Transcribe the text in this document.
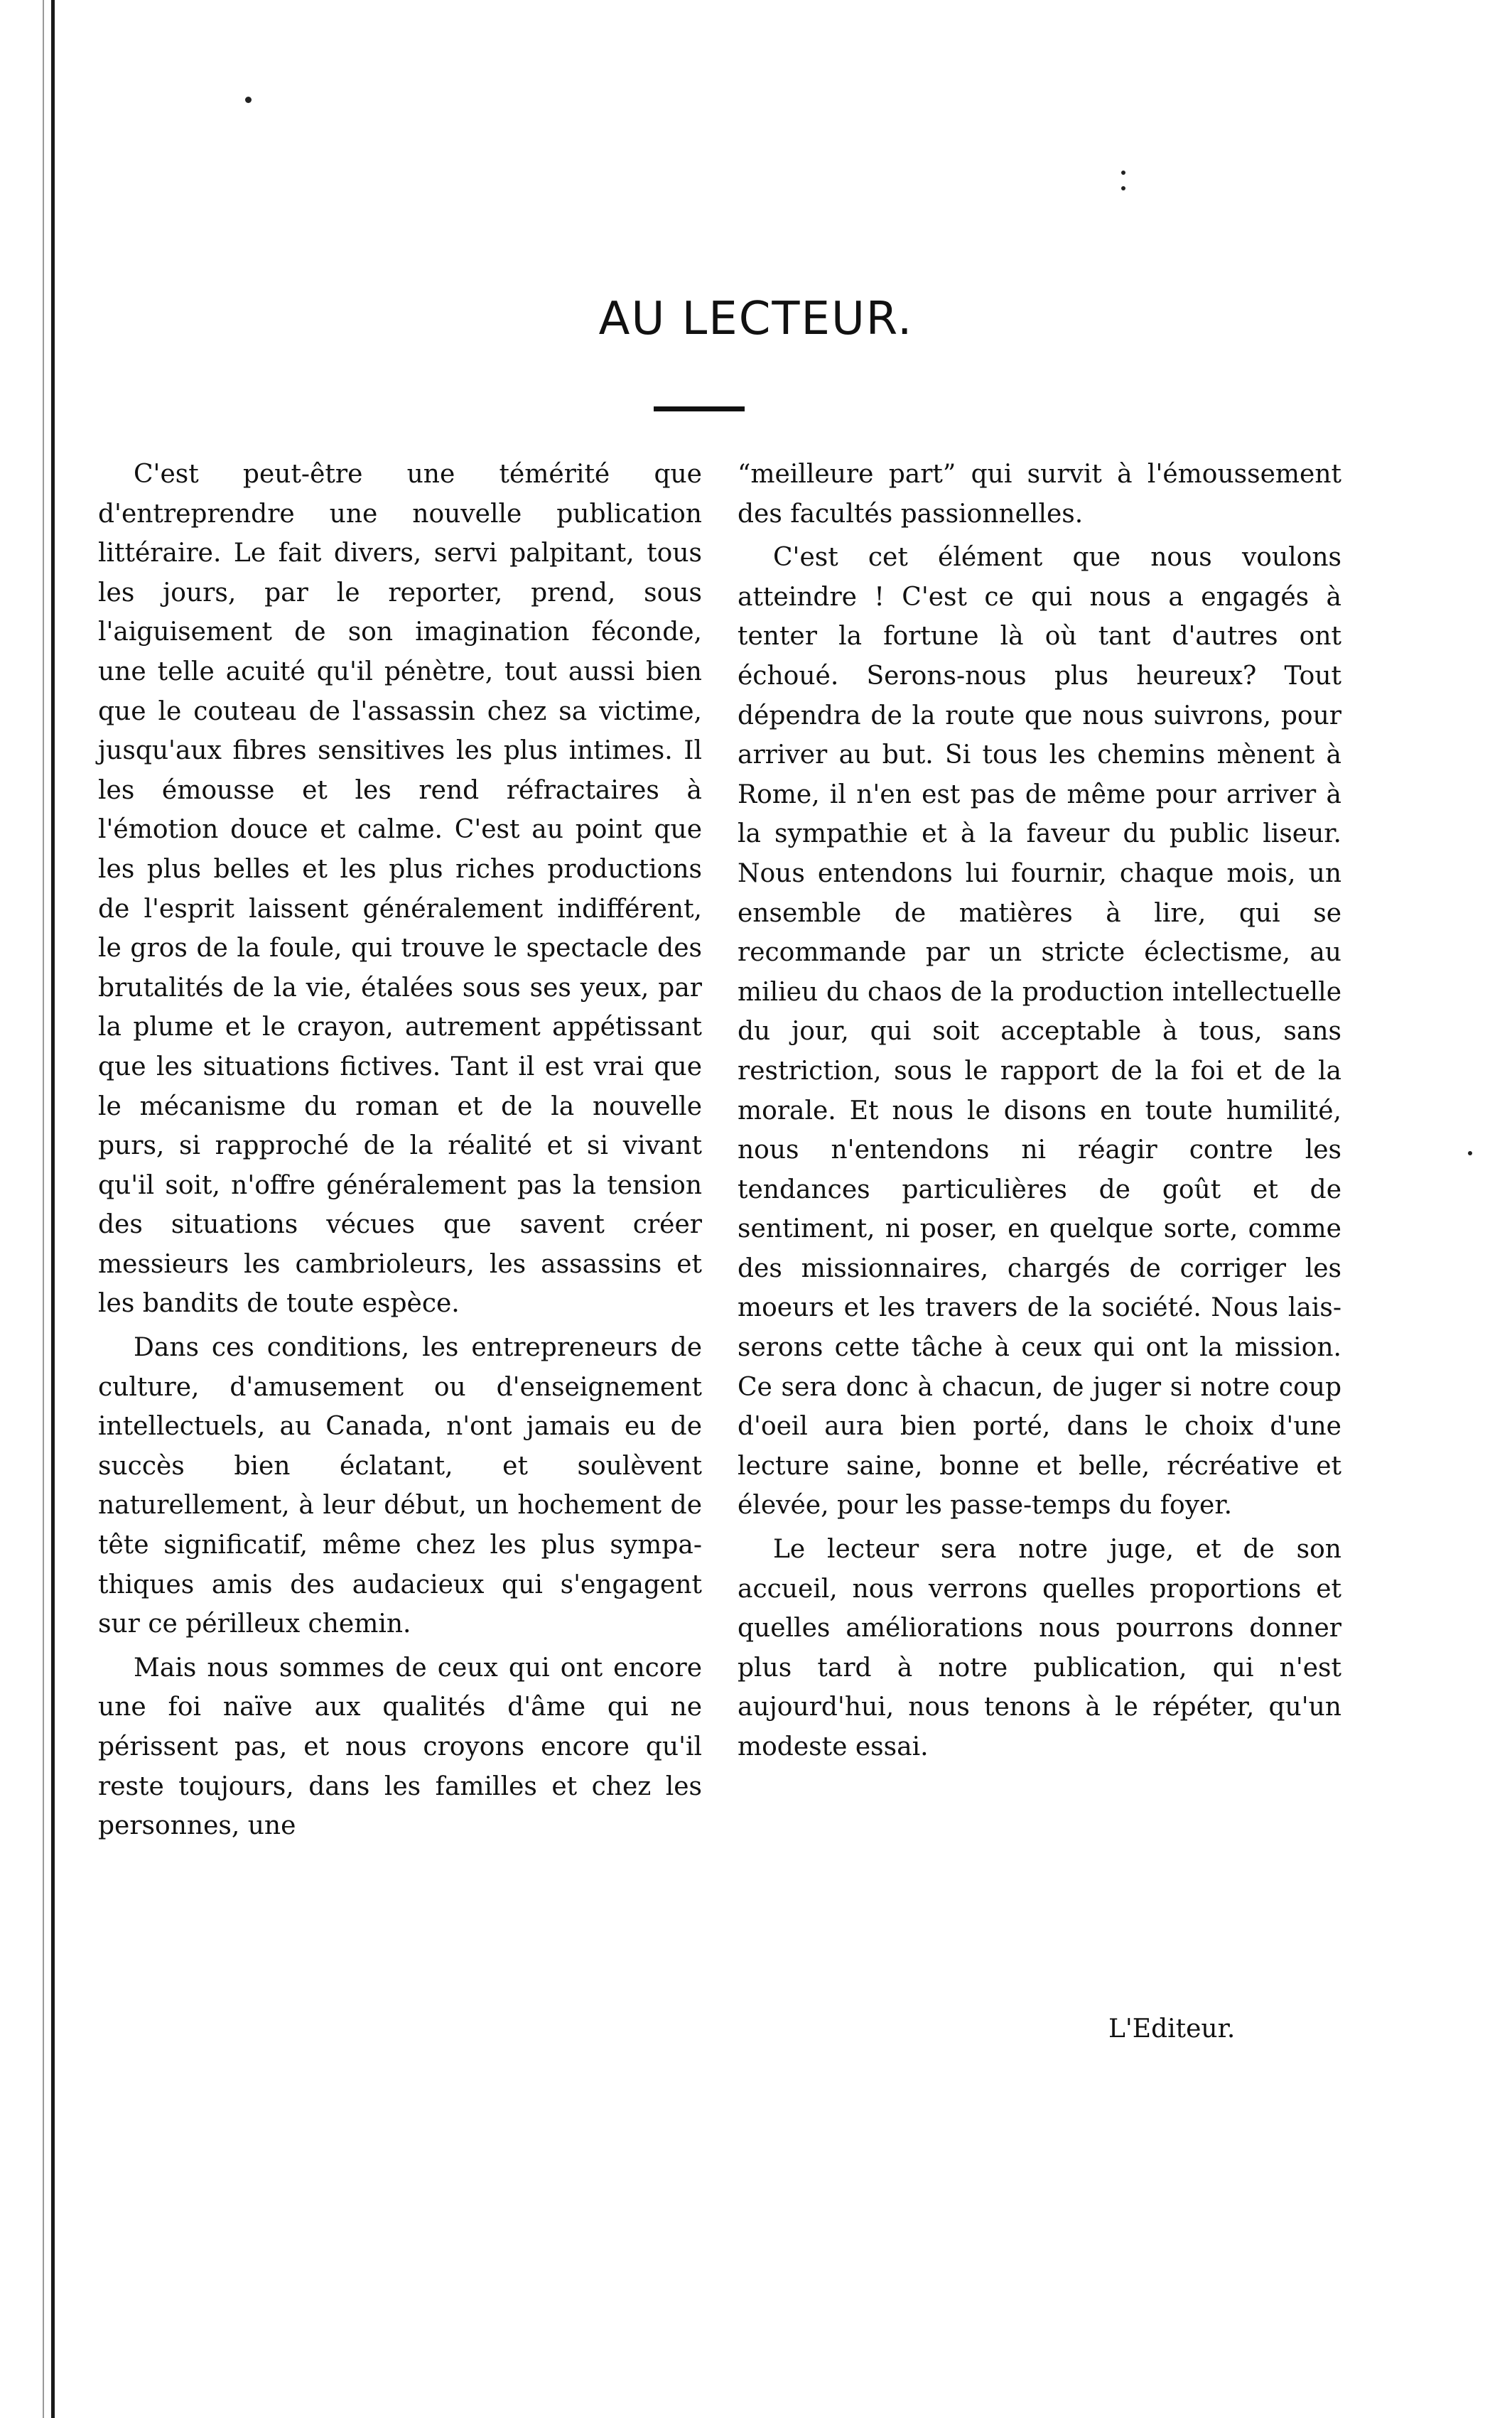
AU LECTEUR.

C'est peut-être une témérité que d'entreprendre une nouvelle publication littéraire. Le fait divers, servi palpitant, tous les jours, par le reporter, prend, sous l'aiguisement de son imagination féconde, une telle acuité qu'il pénètre, tout aussi bien que le couteau de l'assassin chez sa victime, jusqu'aux fibres sensitives les plus intimes. Il les émousse et les rend réfractaires à l'émotion douce et calme. C'est au point que les plus belles et les plus riches productions de l'esprit laissent généralement indifférent, le gros de la foule, qui trouve le spectacle des brutalités de la vie, étalées sous ses yeux, par la plume et le crayon, autrement appétissant que les situations fictives. Tant il est vrai que le mécanisme du roman et de la nouvelle purs, si rapproché de la réalité et si vivant qu'il soit, n'offre généralement pas la tension des situations vécues que savent créer messieurs les cambrioleurs, les assassins et les bandits de toute espèce.

Dans ces conditions, les entrepreneurs de culture, d'amusement ou d'enseignement intellectuels, au Canada, n'ont jamais eu de succès bien éclatant, et soulèvent naturellement, à leur début, un hochement de tête significatif, même chez les plus sympathiques amis des audacieux qui s'engagent sur ce périlleux chemin.

Mais nous sommes de ceux qui ont encore une foi naïve aux qualités d'âme qui ne périssent pas, et nous croyons encore qu'il reste toujours, dans les familles et chez les personnes, une

“meilleure part” qui survit à l'émoussement des facultés passionnelles.

C'est cet élément que nous voulons atteindre ! C'est ce qui nous a engagés à tenter la fortune là où tant d'autres ont échoué. Serons-nous plus heureux? Tout dépendra de la route que nous suivrons, pour arriver au but. Si tous les chemins mènent à Rome, il n'en est pas de même pour arriver à la sympathie et à la faveur du public liseur. Nous entendons lui fournir, chaque mois, un ensemble de matières à lire, qui se recommande par un stricte éclectisme, au milieu du chaos de la production intellectuelle du jour, qui soit acceptable à tous, sans restriction, sous le rapport de la foi et de la morale. Et nous le disons en toute humilité, nous n'entendons ni réagir contre les tendances particulières de goût et de sentiment, ni poser, en quelque sorte, comme des missionnaires, chargés de corriger les moeurs et les travers de la société. Nous laisserons cette tâche à ceux qui ont la mission. Ce sera donc à chacun, de juger si notre coup d'oeil aura bien porté, dans le choix d'une lecture saine, bonne et belle, récréative et élevée, pour les passe-temps du foyer.

Le lecteur sera notre juge, et de son accueil, nous verrons quelles proportions et quelles améliorations nous pourrons donner plus tard à notre publication, qui n'est aujourd'hui, nous tenons à le répéter, qu'un modeste essai.

L'Editeur.
